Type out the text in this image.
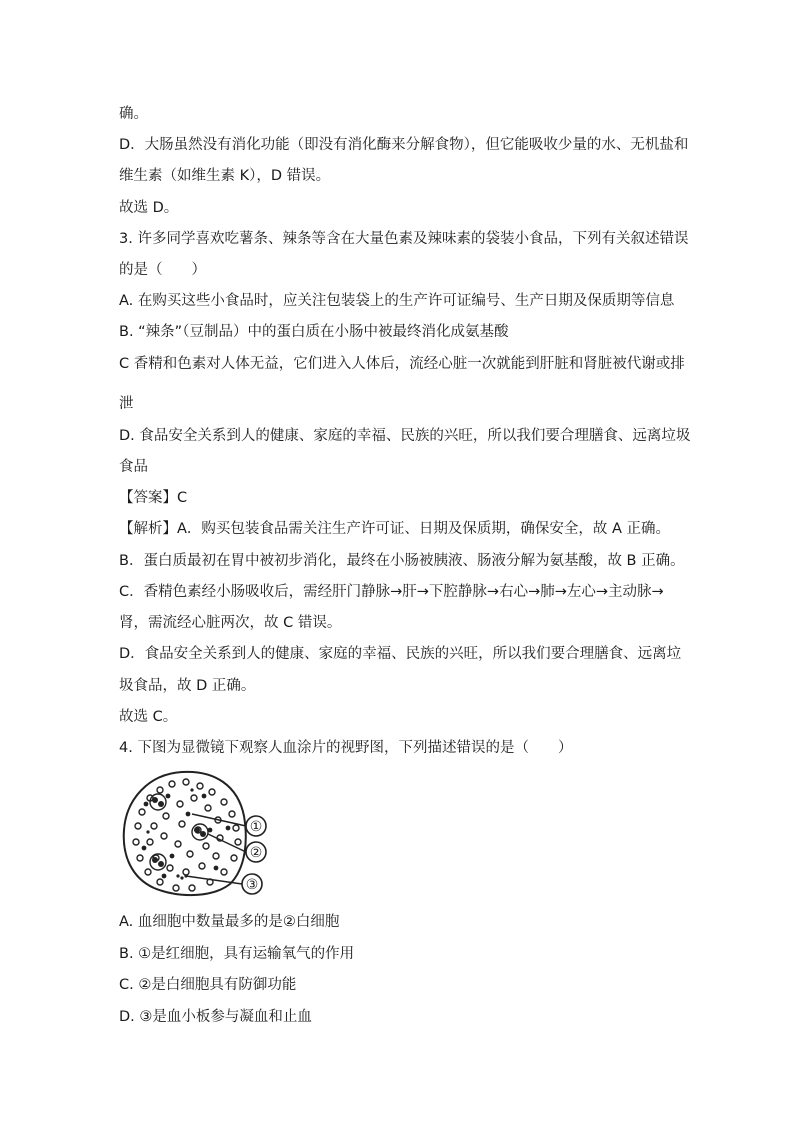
确。
D．大肠虽然没有消化功能（即没有消化酶来分解食物），但它能吸收少量的水、无机盐和
维生素（如维生素 K），D 错误。
故选 D。
3. 许多同学喜欢吃薯条、辣条等含在大量色素及辣味素的袋装小食品，下列有关叙述错误
的是（　　）
A. 在购买这些小食品时，应关注包装袋上的生产许可证编号、生产日期及保质期等信息
B. “辣条”（豆制品）中的蛋白质在小肠中被最终消化成氨基酸
C 香精和色素对人体无益，它们进入人体后，流经心脏一次就能到肝脏和肾脏被代谢或排
泄
D. 食品安全关系到人的健康、家庭的幸福、民族的兴旺，所以我们要合理膳食、远离垃圾
食品
【答案】C
【解析】A．购买包装食品需关注生产许可证、日期及保质期，确保安全，故 A 正确。
B．蛋白质最初在胃中被初步消化，最终在小肠被胰液、肠液分解为氨基酸，故 B 正确。
C．香精色素经小肠吸收后，需经肝门静脉→肝→下腔静脉→右心→肺→左心→主动脉→
肾，需流经心脏两次，故 C 错误。
D．食品安全关系到人的健康、家庭的幸福、民族的兴旺，所以我们要合理膳食、远离垃
圾食品，故 D 正确。
故选 C。
4. 下图为显微镜下观察人血涂片的视野图，下列描述错误的是（　　）
①
②
③
A. 血细胞中数量最多的是②白细胞
B. ①是红细胞，具有运输氧气的作用
C. ②是白细胞具有防御功能
D. ③是血小板参与凝血和止血
